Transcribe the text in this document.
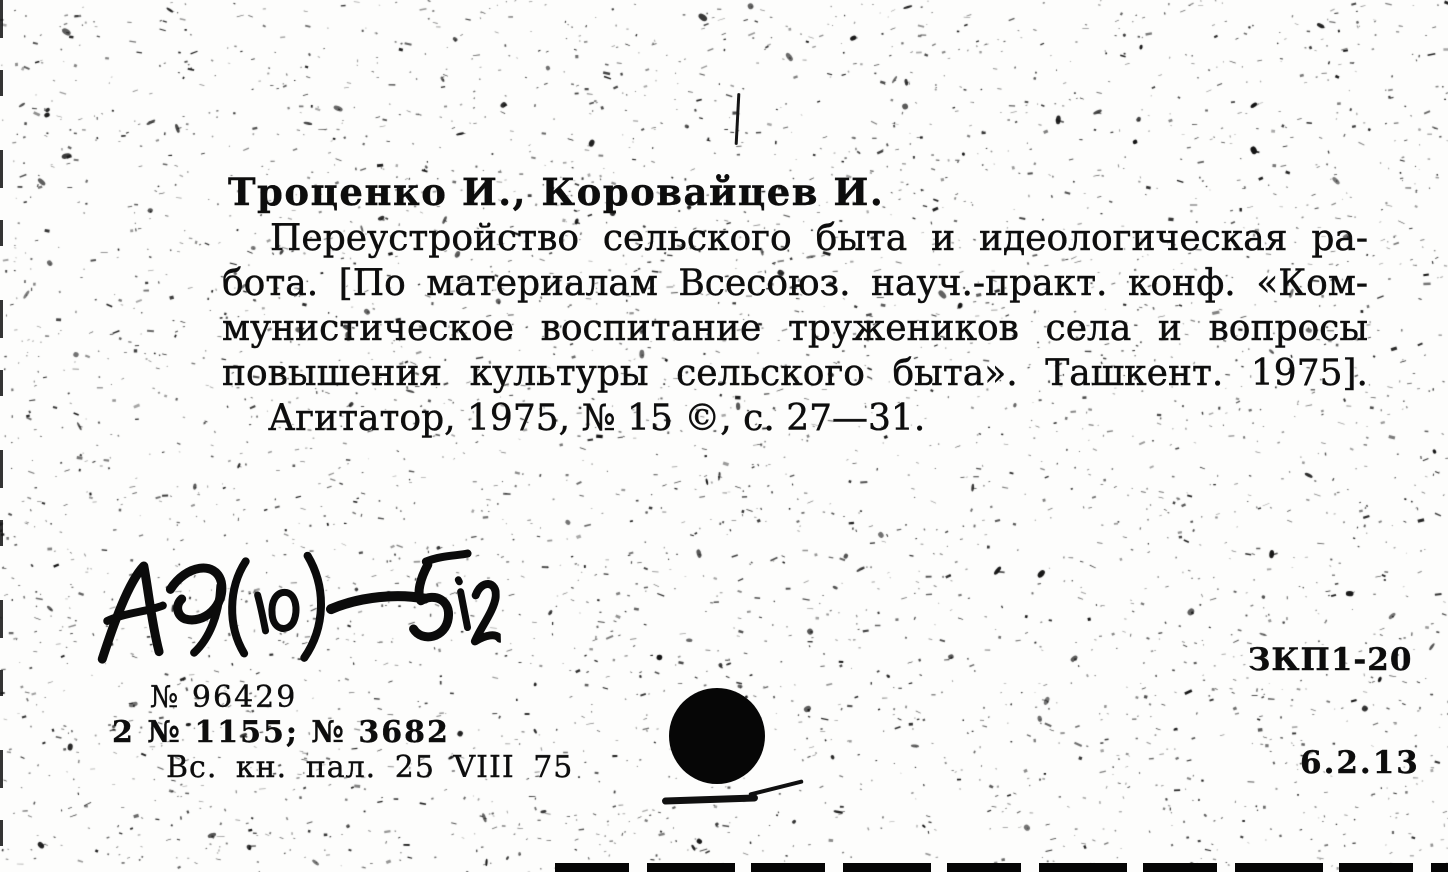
Троценко И., Коровайцев И.
Переустройство сельского быта и идеологическая ра-
бота. [По материалам Всесоюз. науч.-практ. конф. «Ком-
мунистическое воспитание тружеников села и вопросы
повышения культуры сельского быта». Ташкент. 1975].
Агитатор, 1975, № 15 ©, с. 27—31.
№ 96429
2 № 1155; № 3682
Вс. кн. пал. 25 VIII 75
ЗКП1-20
6.2.13
